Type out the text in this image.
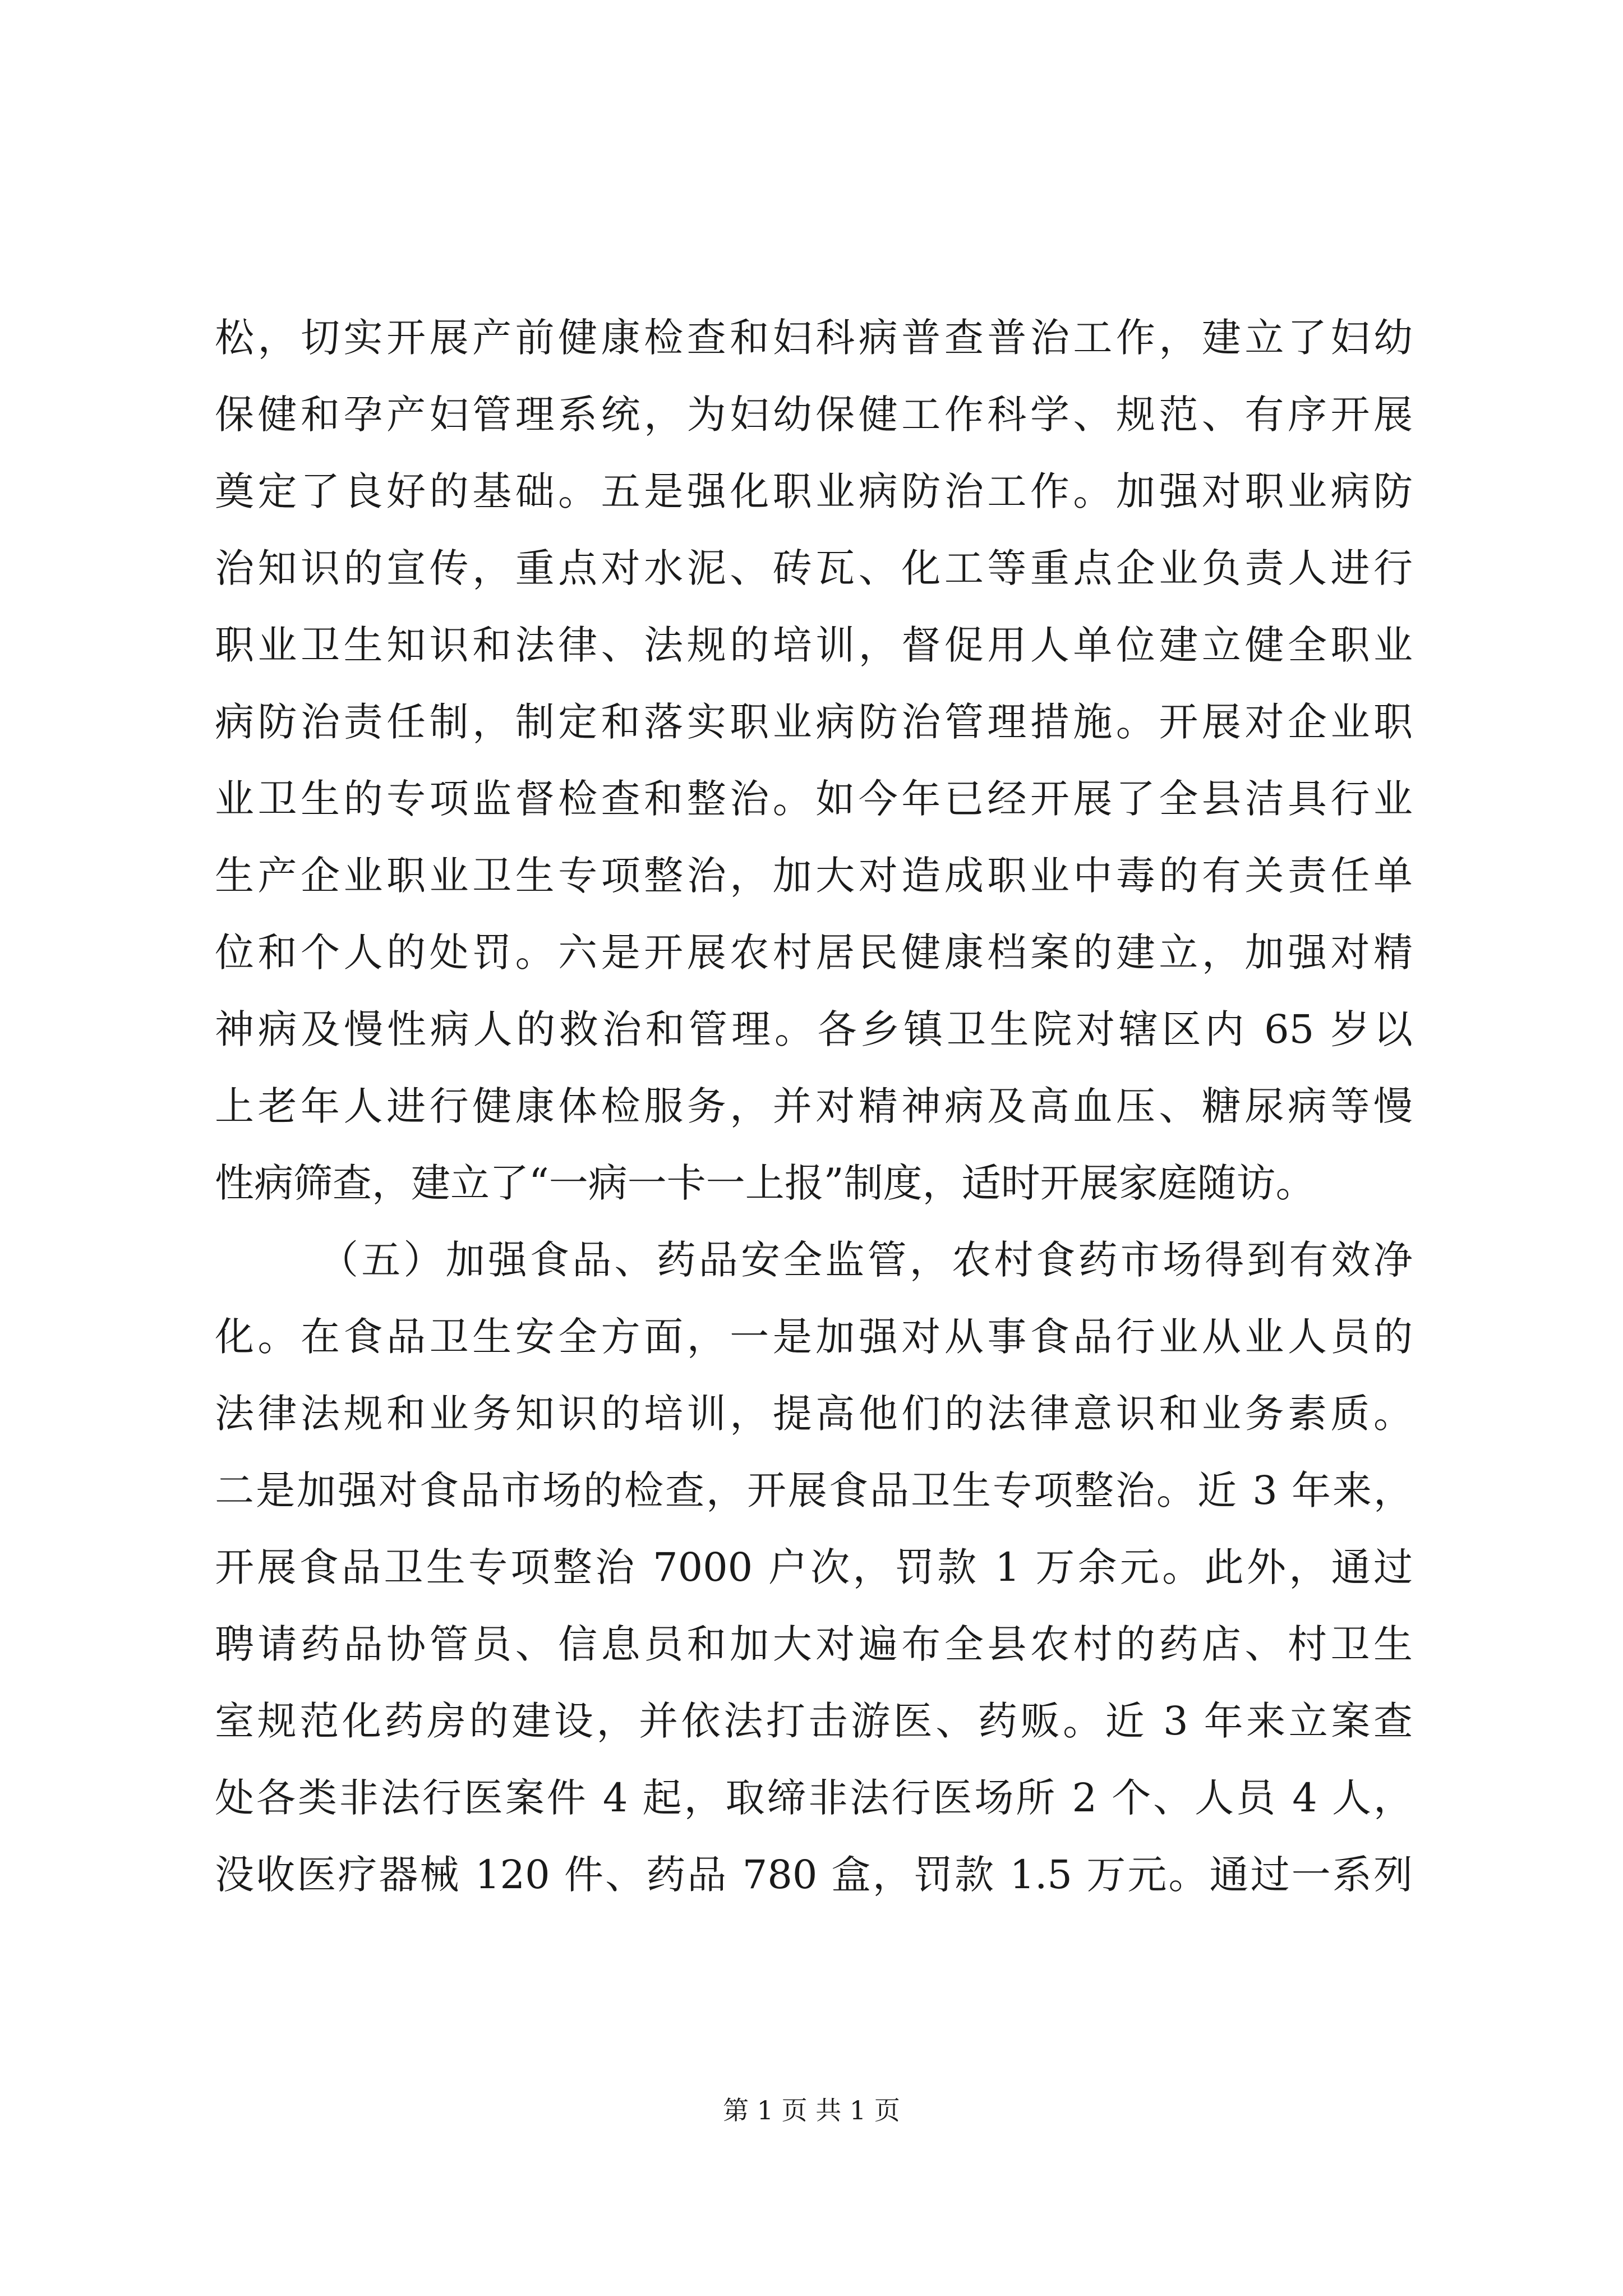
松，切实开展产前健康检查和妇科病普查普治工作，建立了妇幼
保健和孕产妇管理系统，为妇幼保健工作科学、规范、有序开展
奠定了良好的基础。五是强化职业病防治工作。加强对职业病防
治知识的宣传，重点对水泥、砖瓦、化工等重点企业负责人进行
职业卫生知识和法律、法规的培训，督促用人单位建立健全职业
病防治责任制，制定和落实职业病防治管理措施。开展对企业职
业卫生的专项监督检查和整治。如今年已经开展了全县洁具行业
生产企业职业卫生专项整治，加大对造成职业中毒的有关责任单
位和个人的处罚。六是开展农村居民健康档案的建立，加强对精
神病及慢性病人的救治和管理。各乡镇卫生院对辖区内 65 岁以
上老年人进行健康体检服务，并对精神病及高血压、糖尿病等慢
性病筛查，建立了“一病一卡一上报”制度，适时开展家庭随访。
（五）加强食品、药品安全监管，农村食药市场得到有效净
化。在食品卫生安全方面，一是加强对从事食品行业从业人员的
法律法规和业务知识的培训，提高他们的法律意识和业务素质。
二是加强对食品市场的检查，开展食品卫生专项整治。近 3 年来，
开展食品卫生专项整治 7000 户次，罚款 1 万余元。此外，通过
聘请药品协管员、信息员和加大对遍布全县农村的药店、村卫生
室规范化药房的建设，并依法打击游医、药贩。近 3 年来立案查
处各类非法行医案件 4 起，取缔非法行医场所 2 个、人员 4 人，
没收医疗器械 120 件、药品 780 盒，罚款 1.5 万元。通过一系列
第 1 页 共 1 页
